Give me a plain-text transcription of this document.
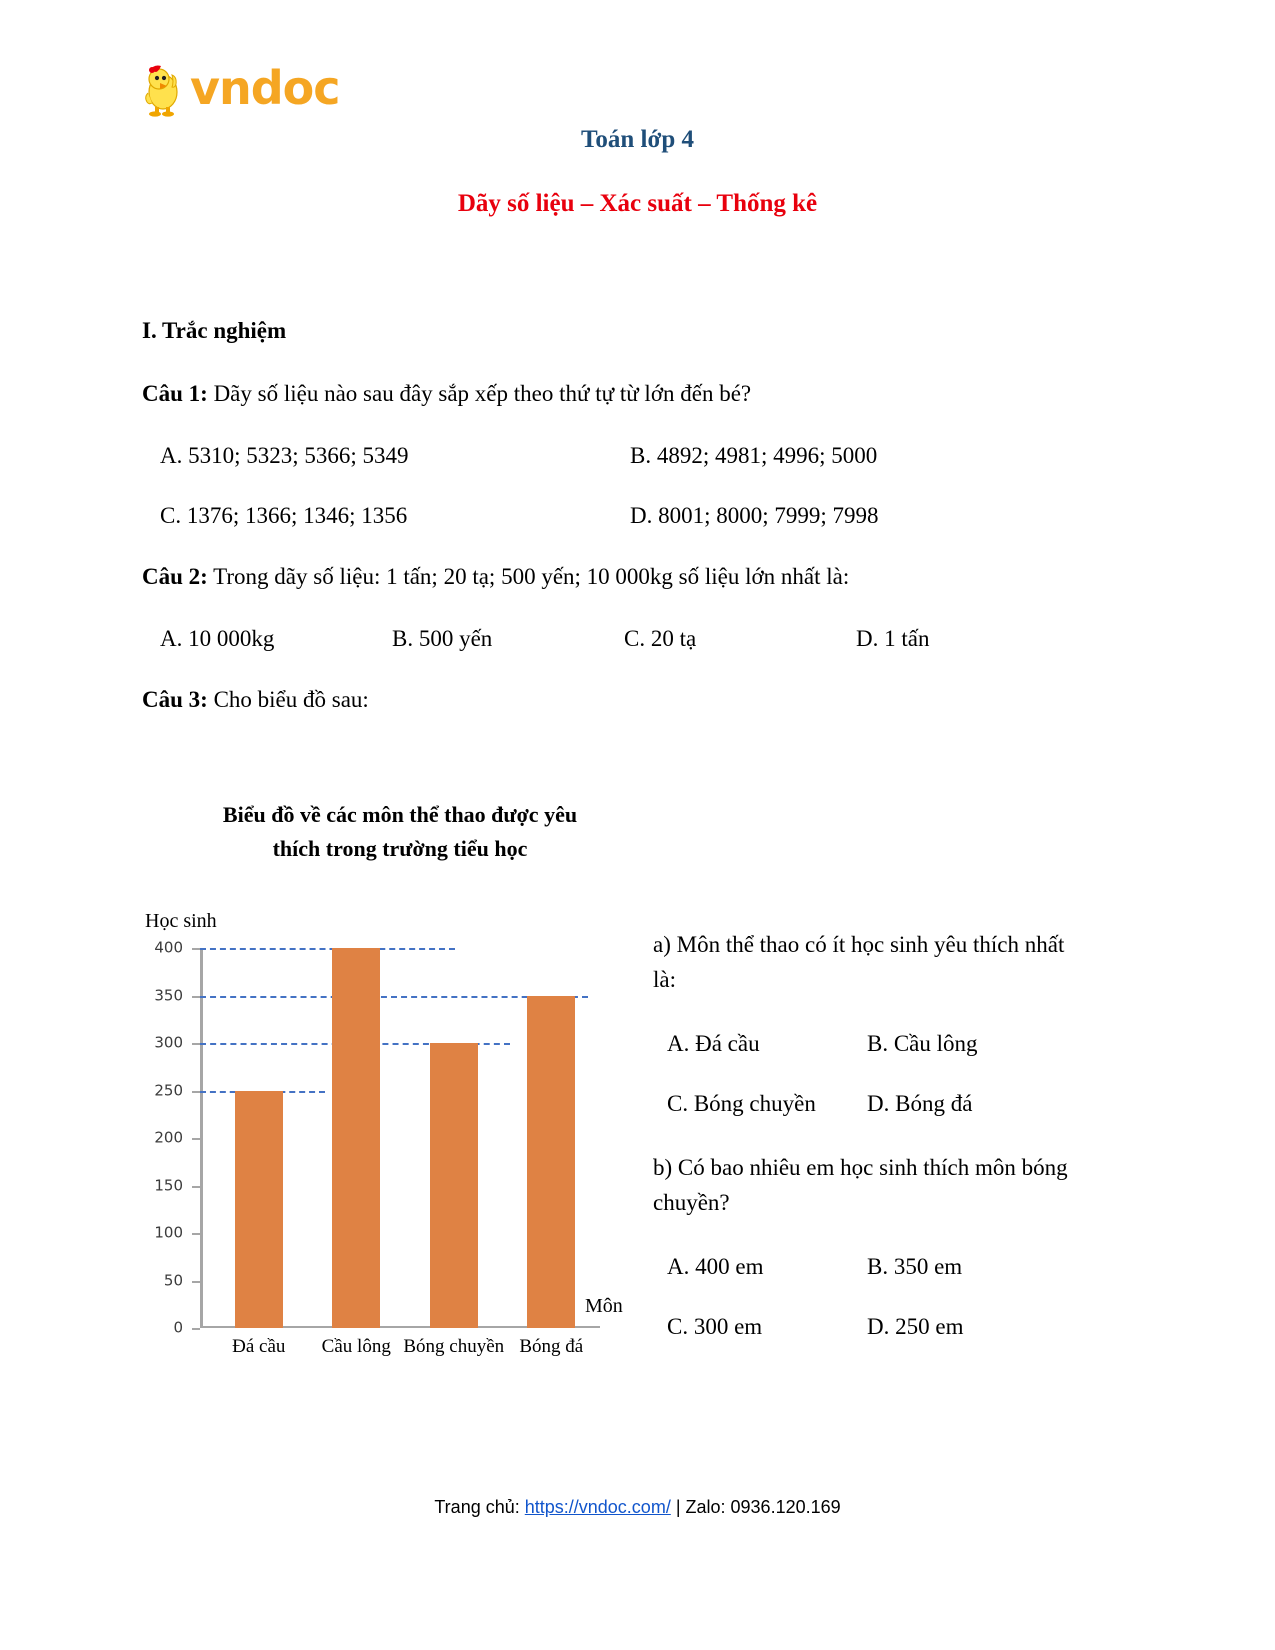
vndoc
Toán lớp 4
Dãy số liệu – Xác suất – Thống kê
I. Trắc nghiệm

Câu 1: Dãy số liệu nào sau đây sắp xếp theo thứ tự từ lớn đến bé?

A. 5310; 5323; 5366; 5349	B. 4892; 4981; 4996; 5000
C. 1376; 1366; 1346; 1356	D. 8001; 8000; 7999; 7998

Câu 2: Trong dãy số liệu: 1 tấn; 20 tạ; 500 yến; 10 000kg số liệu lớn nhất là:

A. 10 000kg	B. 500 yến	C. 20 tạ	D. 1 tấn

Câu 3: Cho biểu đồ sau:

Biểu đồ về các môn thể thao được yêu
thích trong trường tiểu học
Học sinh
Môn
0
50
100
150
200
250
300
350
400
Đá cầu Cầu lông Bóng chuyền Bóng đá

a) Môn thể thao có ít học sinh yêu thích nhất là:

A. Đá cầu	B. Cầu lông
C. Bóng chuyền	D. Bóng đá

b) Có bao nhiêu em học sinh thích môn bóng chuyền?

A. 400 em	B. 350 em
C. 300 em	D. 250 em
Trang chủ: https://vndoc.com/ | Zalo: 0936.120.169
